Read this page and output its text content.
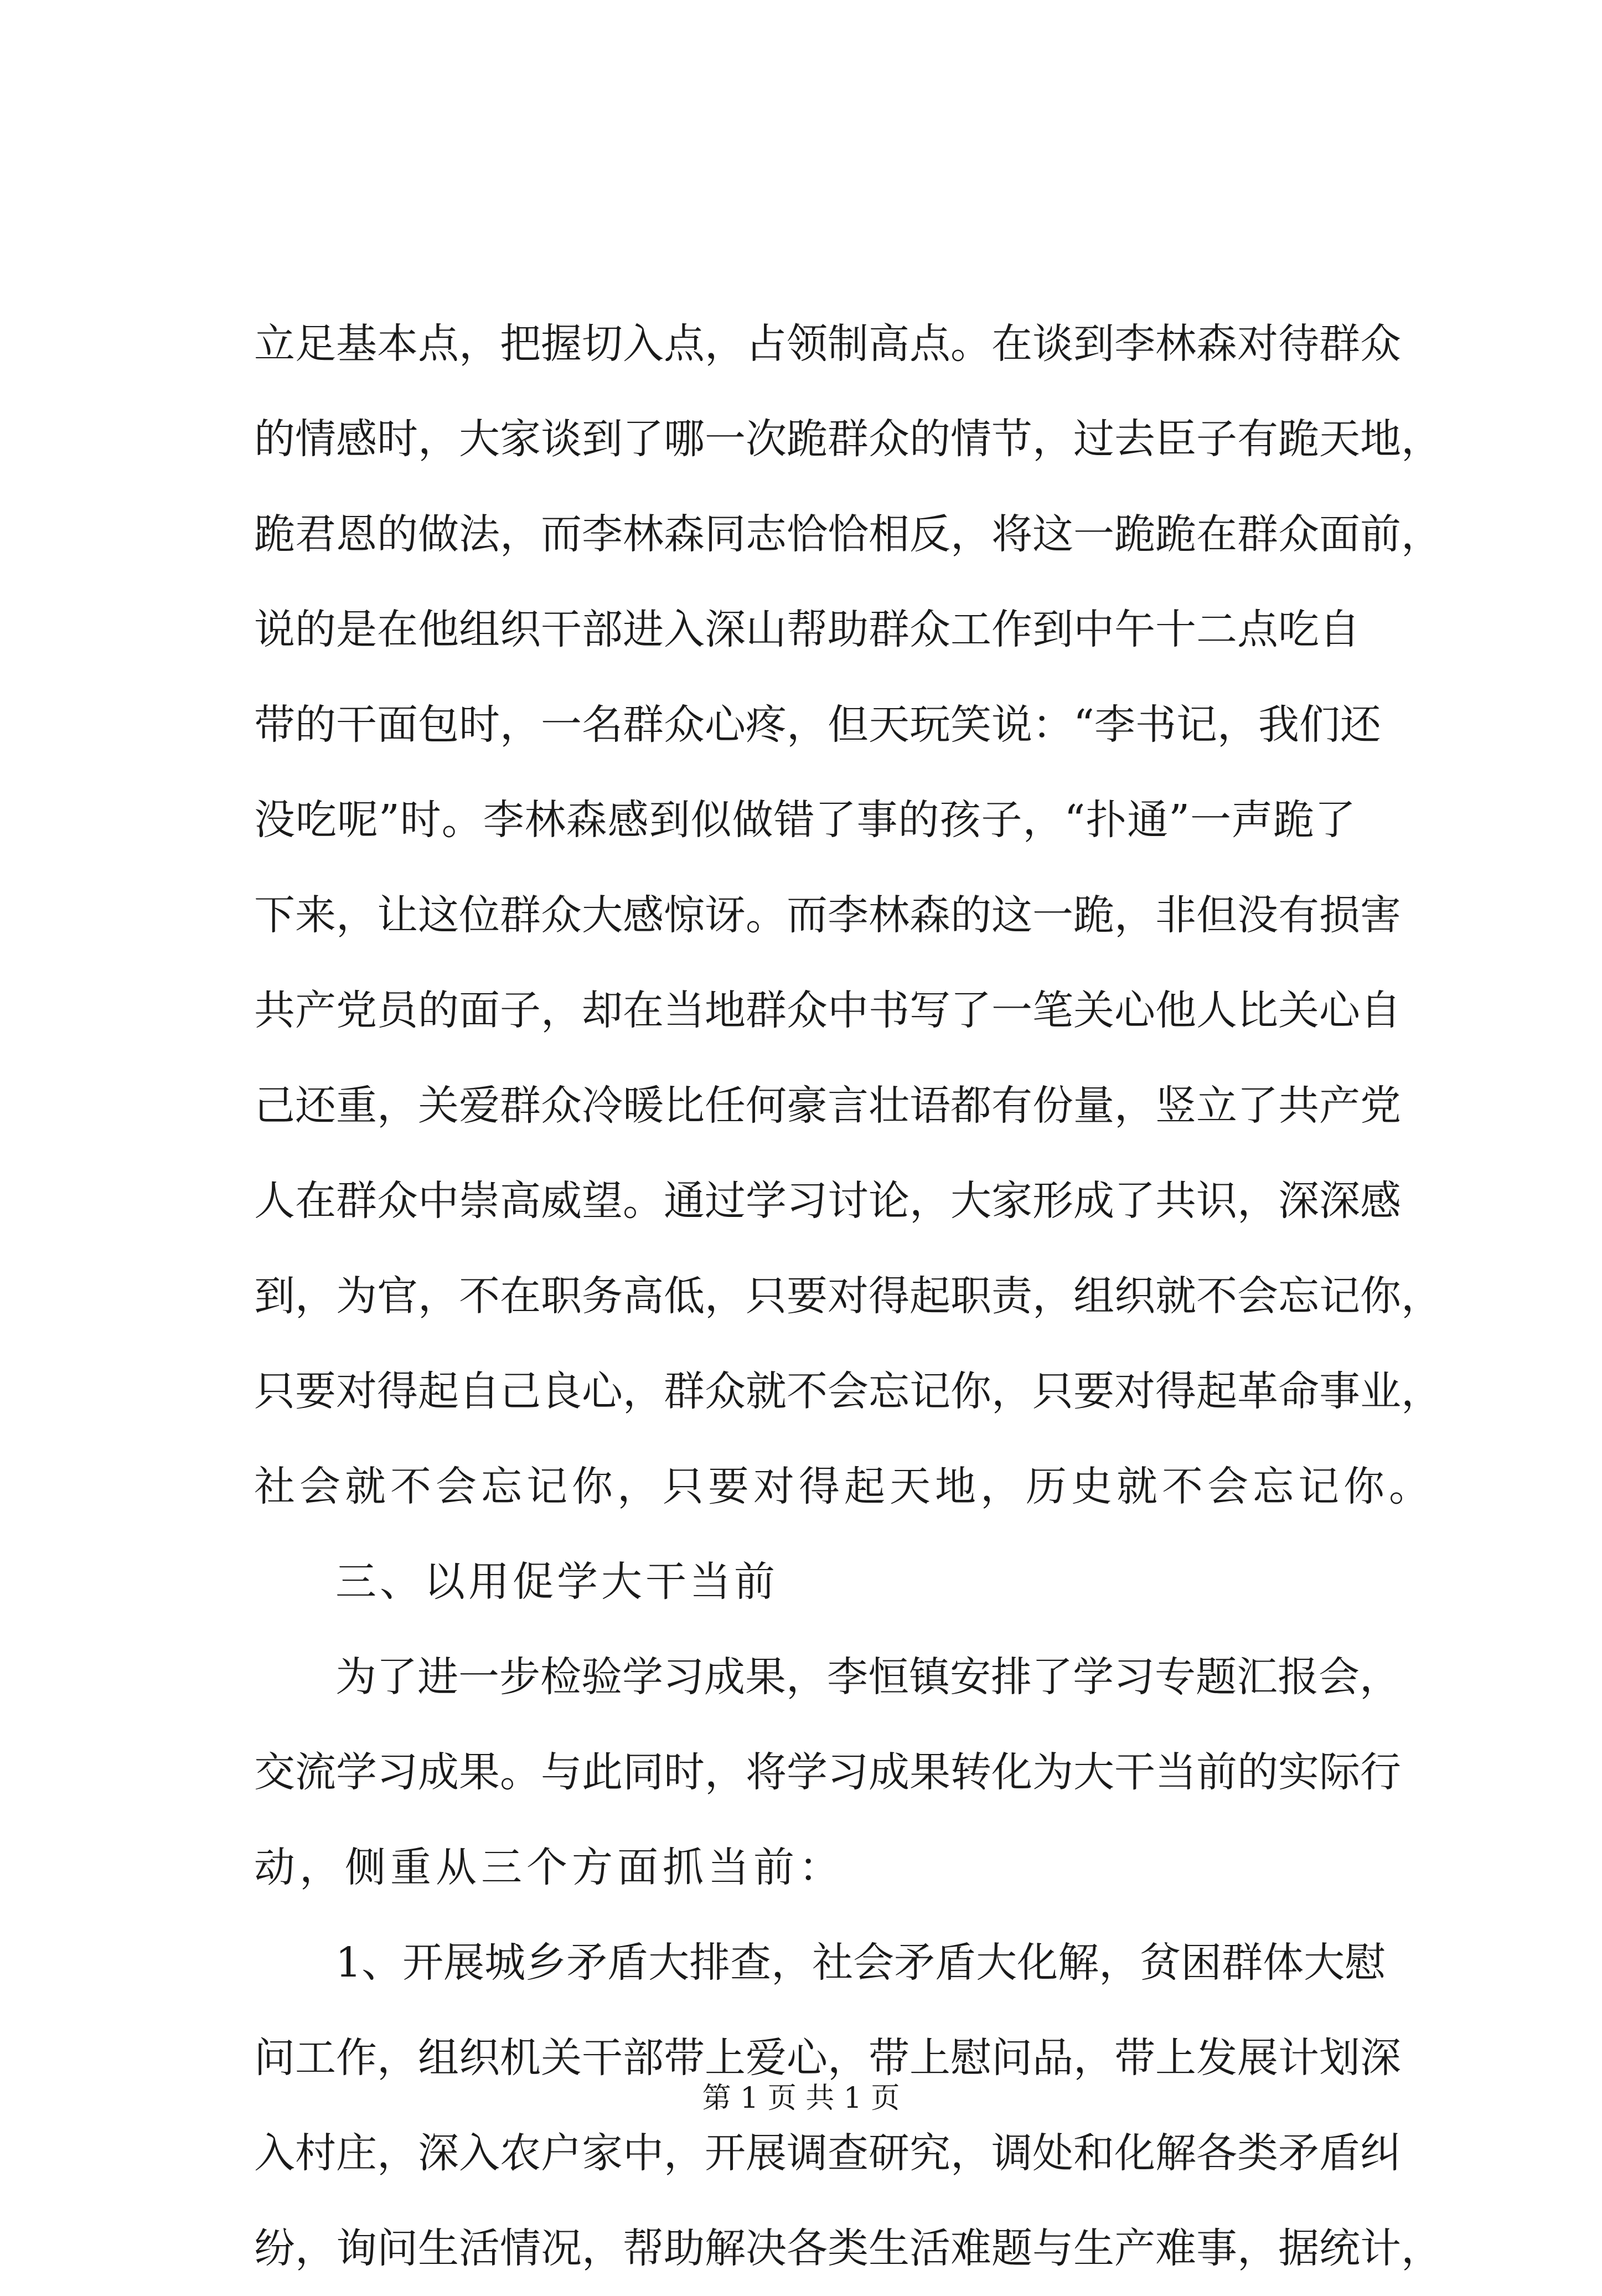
立足基本点，把握切入点，占领制高点。在谈到李林森对待群众
的情感时，大家谈到了哪一次跪群众的情节，过去臣子有跪天地，
跪君恩的做法，而李林森同志恰恰相反，将这一跪跪在群众面前，
说的是在他组织干部进入深山帮助群众工作到中午十二点吃自
带的干面包时，一名群众心疼，但天玩笑说：“李书记，我们还
没吃呢”时。李林森感到似做错了事的孩子，“扑通”一声跪了
下来，让这位群众大感惊讶。而李林森的这一跪，非但没有损害
共产党员的面子，却在当地群众中书写了一笔关心他人比关心自
己还重，关爱群众冷暖比任何豪言壮语都有份量，竖立了共产党
人在群众中崇高威望。通过学习讨论，大家形成了共识，深深感
到，为官，不在职务高低，只要对得起职责，组织就不会忘记你，
只要对得起自己良心，群众就不会忘记你，只要对得起革命事业，
社会就不会忘记你，只要对得起天地，历史就不会忘记你。
三、以用促学大干当前
为了进一步检验学习成果，李恒镇安排了学习专题汇报会，
交流学习成果。与此同时，将学习成果转化为大干当前的实际行
动，侧重从三个方面抓当前：
1、开展城乡矛盾大排查，社会矛盾大化解，贫困群体大慰
问工作，组织机关干部带上爱心，带上慰问品，带上发展计划深
入村庄，深入农户家中，开展调查研究，调处和化解各类矛盾纠
纷，询问生活情况，帮助解决各类生活难题与生产难事，据统计，
第 1 页 共 1 页
